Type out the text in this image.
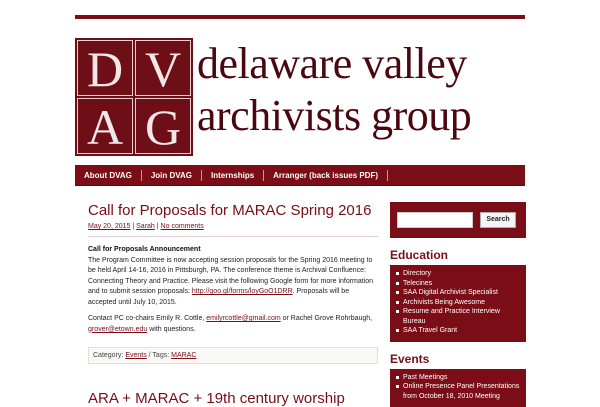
D V
A G
delaware valley
archivists group
About DVAG	Join DVAG	Internships	Arranger (back issues PDF)
Call for Proposals for MARAC Spring 2016
May 20, 2015 | Sarah | No comments

Call for Proposals Announcement
The Program Committee is now accepting session proposals for the Spring 2016 meeting to be held April 14-16, 2016 in Pittsburgh, PA. The conference theme is Archival Confluence: Connecting Theory and Practice. Please visit the following Google form for more information and to submit session proposals: http://goo.gl/forms/loyGoO1DRR. Proposals will be accepted until July 10, 2015.

Contact PC co-chairs Emily R. Cottle, emilyrcottle@gmail.com or Rachel Grove Rohrbaugh, grover@etown.edu with questions.

Category: Events / Tags: MARAC
ARA + MARAC + 19th century worship
Search
Education
Directory
Telecines
SAA Digital Archivist Specialist
Archivists Being Awesome
Resume and Practice Interview Bureau
SAA Travel Grant
Events
Past Meetings
Online Presence Panel Presentations from October 18, 2010 Meeting
